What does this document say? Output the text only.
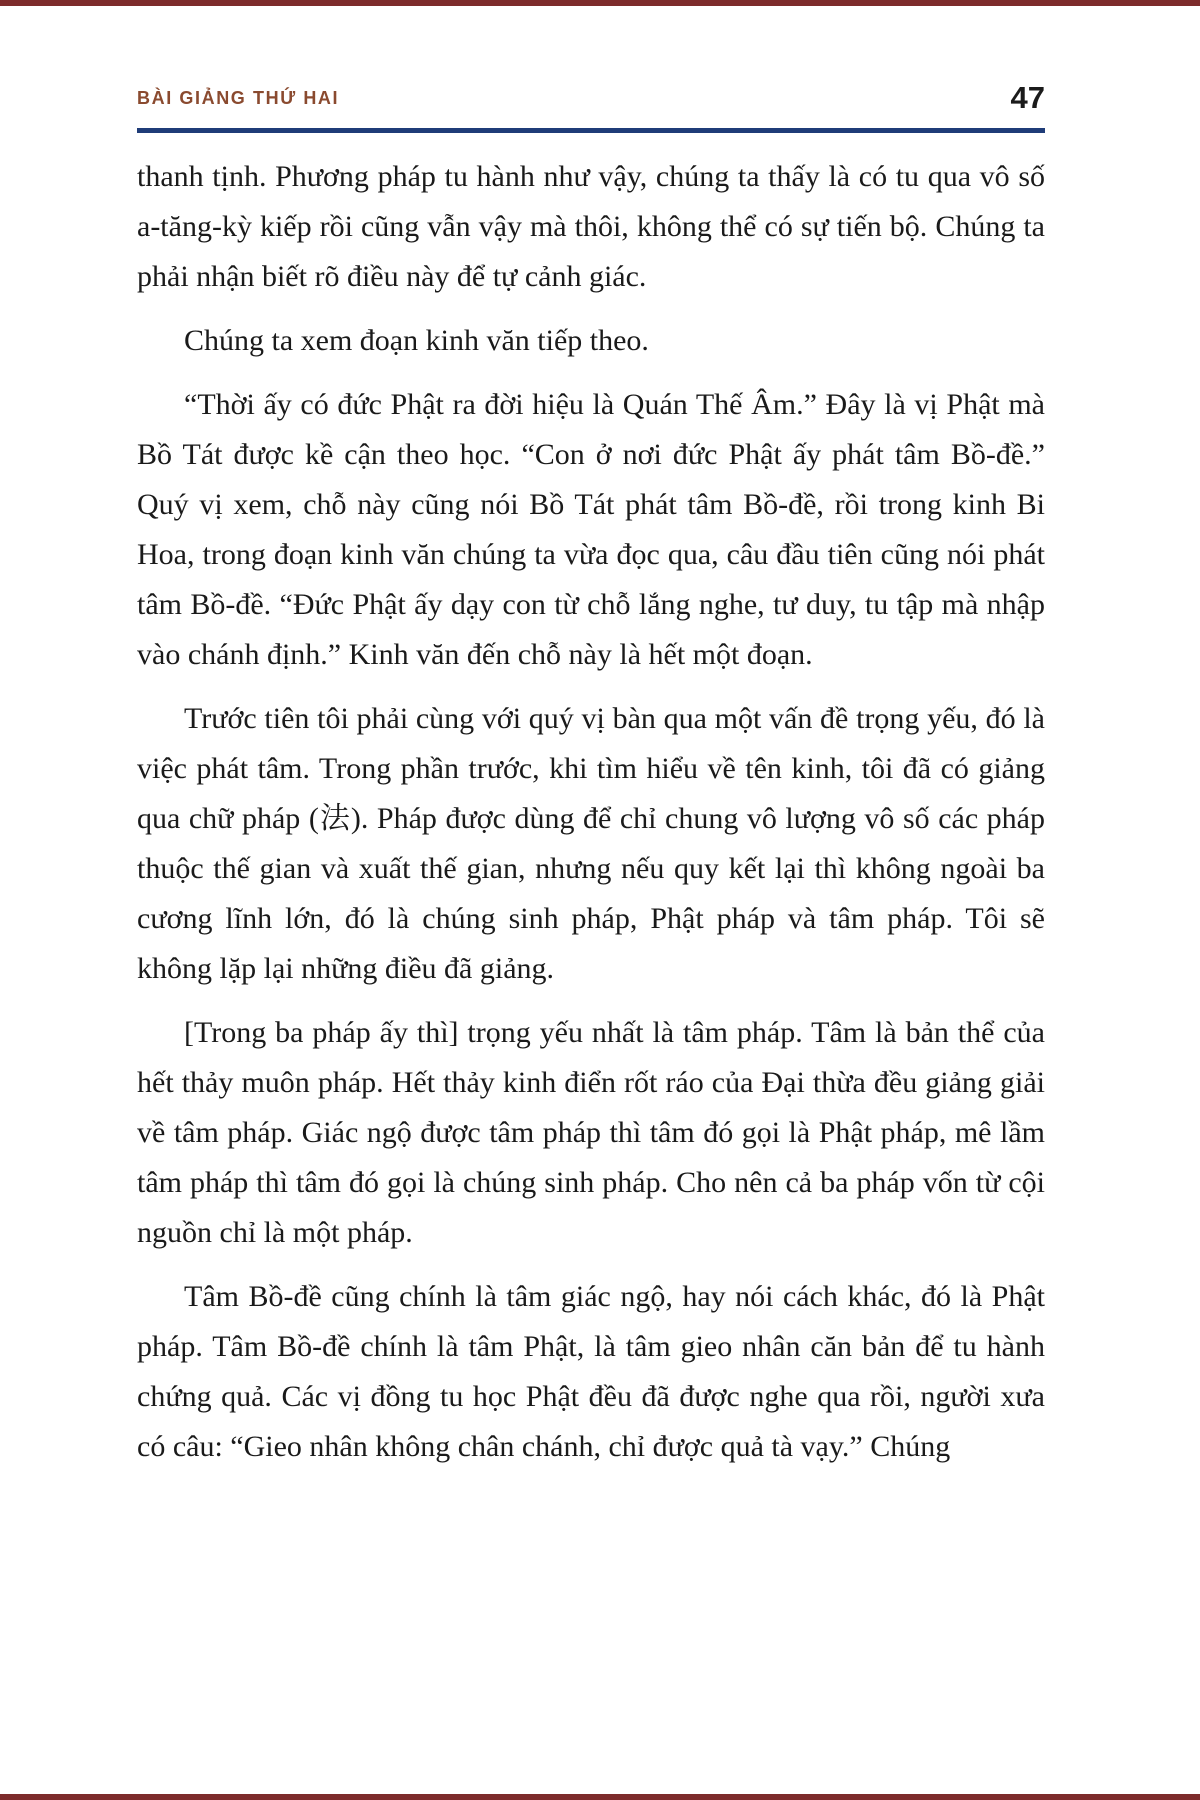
BÀI GIẢNG THỨ HAI	47

thanh tịnh. Phương pháp tu hành như vậy, chúng ta thấy là có tu qua vô số a-tăng-kỳ kiếp rồi cũng vẫn vậy mà thôi, không thể có sự tiến bộ. Chúng ta phải nhận biết rõ điều này để tự cảnh giác.

Chúng ta xem đoạn kinh văn tiếp theo.

“Thời ấy có đức Phật ra đời hiệu là Quán Thế Âm.” Đây là vị Phật mà Bồ Tát được kề cận theo học. “Con ở nơi đức Phật ấy phát tâm Bồ-đề.” Quý vị xem, chỗ này cũng nói Bồ Tát phát tâm Bồ-đề, rồi trong kinh Bi Hoa, trong đoạn kinh văn chúng ta vừa đọc qua, câu đầu tiên cũng nói phát tâm Bồ-đề. “Đức Phật ấy dạy con từ chỗ lắng nghe, tư duy, tu tập mà nhập vào chánh định.” Kinh văn đến chỗ này là hết một đoạn.

Trước tiên tôi phải cùng với quý vị bàn qua một vấn đề trọng yếu, đó là việc phát tâm. Trong phần trước, khi tìm hiểu về tên kinh, tôi đã có giảng qua chữ pháp (法). Pháp được dùng để chỉ chung vô lượng vô số các pháp thuộc thế gian và xuất thế gian, nhưng nếu quy kết lại thì không ngoài ba cương lĩnh lớn, đó là chúng sinh pháp, Phật pháp và tâm pháp. Tôi sẽ không lặp lại những điều đã giảng.

[Trong ba pháp ấy thì] trọng yếu nhất là tâm pháp. Tâm là bản thể của hết thảy muôn pháp. Hết thảy kinh điển rốt ráo của Đại thừa đều giảng giải về tâm pháp. Giác ngộ được tâm pháp thì tâm đó gọi là Phật pháp, mê lầm tâm pháp thì tâm đó gọi là chúng sinh pháp. Cho nên cả ba pháp vốn từ cội nguồn chỉ là một pháp.

Tâm Bồ-đề cũng chính là tâm giác ngộ, hay nói cách khác, đó là Phật pháp. Tâm Bồ-đề chính là tâm Phật, là tâm gieo nhân căn bản để tu hành chứng quả. Các vị đồng tu học Phật đều đã được nghe qua rồi, người xưa có câu: “Gieo nhân không chân chánh, chỉ được quả tà vạy.” Chúng
